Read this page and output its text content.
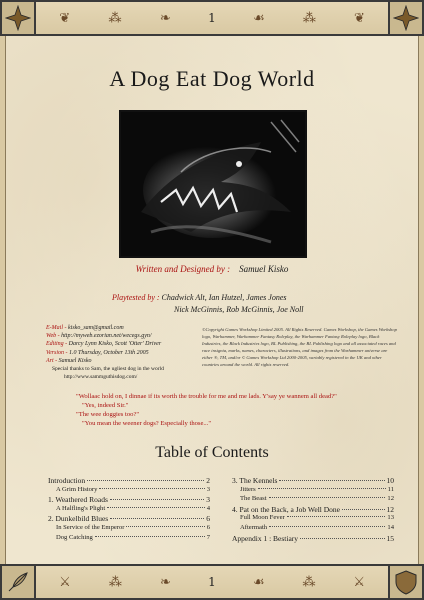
❦	⁂	❧	☙	⁂	❦
⚔	⁂	❧	☙	⁂	⚔
1
1
A Dog Eat Dog World
Written and Designed by : Samuel Kisko
Playtested by : Chadwick Alt, Ian Hutzel, James Jones
Nick McGinnis, Rob McGinnis, Joe Noll
E-Mail - kisko_sam@gmail.com
Web - http://myweb.ezorian.net/wecegs.gyn/
Editing - Darcy Lynn Kisko, Scott 'Otter' Driver
Version - 1.0 Thursday, October 13th 2005
Art - Samuel Kisko
Special thanks to Sam, the ugliest dog in the world
http://www.sammguthisdog.com/
©Copyright Games Workshop Limited 2005. All Rights Reserved. Games Workshop, the Games Workshop logo, Warhammer, Warhammer Fantasy Roleplay, the Warhammer Fantasy Roleplay logo, Black Industries, the Black Industries logo, BL Publishing, the BL Publishing logo and all associated races and race insignia, marks, names, characters, illustrations, and images from the Warhammer universe are either ®, TM, and/or © Games Workshop Ltd 2000-2005, variably registered in the UK and other countries around the world. All rights reserved.
"Wollaac hold on, I dinnae if its worth the trouble for me and me lads. Y'say ye wannem all dead?"
"Yes, indeed Sir."
"The wee doggies too?"
"You mean the weener dogs? Especially those..."
Table of Contents
Introduction	2
A Grim History	3
1. Weathered Roads	3
A Halfling's Plight	4
2. Dunkelbild Blues	6
In Service of the Emperor	6
Dog Catching	7
3. The Kennels	10
Jitters	11
The Beast	12
4. Pat on the Back, a Job Well Done	12
Full Moon Fever	13
Aftermath	14
Appendix 1 : Bestiary	15
